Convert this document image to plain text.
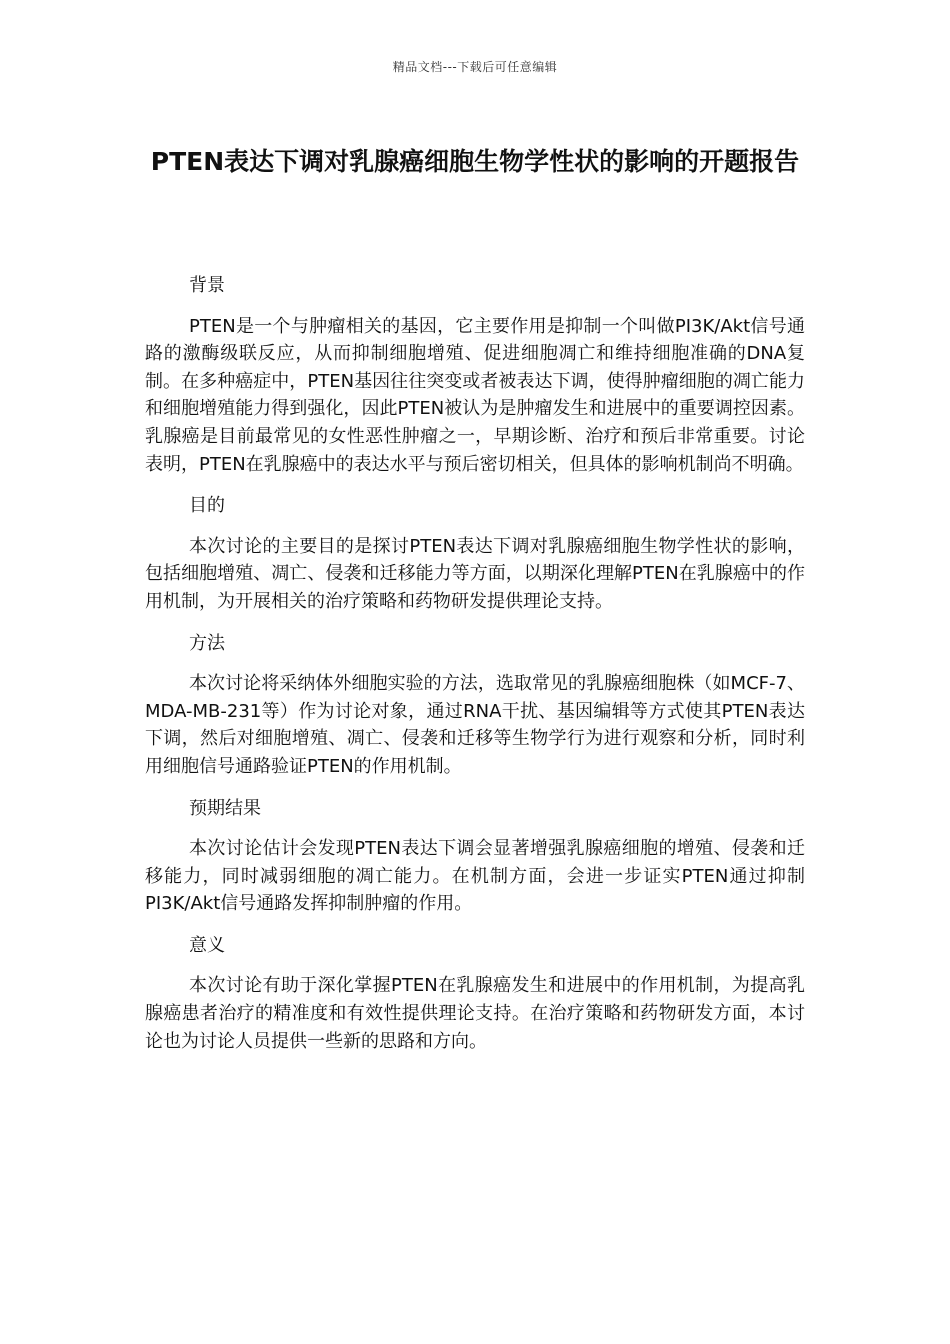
精品文档---下载后可任意编辑
PTEN表达下调对乳腺癌细胞生物学性状的影响的开题报告

背景

PTEN是一个与肿瘤相关的基因，它主要作用是抑制一个叫做PI3K/Akt信号通路的激酶级联反应，从而抑制细胞增殖、促进细胞凋亡和维持细胞准确的DNA复制。在多种癌症中，PTEN基因往往突变或者被表达下调，使得肿瘤细胞的凋亡能力和细胞增殖能力得到强化，因此PTEN被认为是肿瘤发生和进展中的重要调控因素。乳腺癌是目前最常见的女性恶性肿瘤之一，早期诊断、治疗和预后非常重要。讨论表明，PTEN在乳腺癌中的表达水平与预后密切相关，但具体的影响机制尚不明确。

目的

本次讨论的主要目的是探讨PTEN表达下调对乳腺癌细胞生物学性状的影响，包括细胞增殖、凋亡、侵袭和迁移能力等方面，以期深化理解PTEN在乳腺癌中的作用机制，为开展相关的治疗策略和药物研发提供理论支持。

方法

本次讨论将采纳体外细胞实验的方法，选取常见的乳腺癌细胞株（如MCF-7、MDA-MB-231等）作为讨论对象，通过RNA干扰、基因编辑等方式使其PTEN表达下调，然后对细胞增殖、凋亡、侵袭和迁移等生物学行为进行观察和分析，同时利用细胞信号通路验证PTEN的作用机制。

预期结果

本次讨论估计会发现PTEN表达下调会显著增强乳腺癌细胞的增殖、侵袭和迁移能力，同时减弱细胞的凋亡能力。在机制方面，会进一步证实PTEN通过抑制PI3K/Akt信号通路发挥抑制肿瘤的作用。

意义

本次讨论有助于深化掌握PTEN在乳腺癌发生和进展中的作用机制，为提高乳腺癌患者治疗的精准度和有效性提供理论支持。在治疗策略和药物研发方面，本讨论也为讨论人员提供一些新的思路和方向。
